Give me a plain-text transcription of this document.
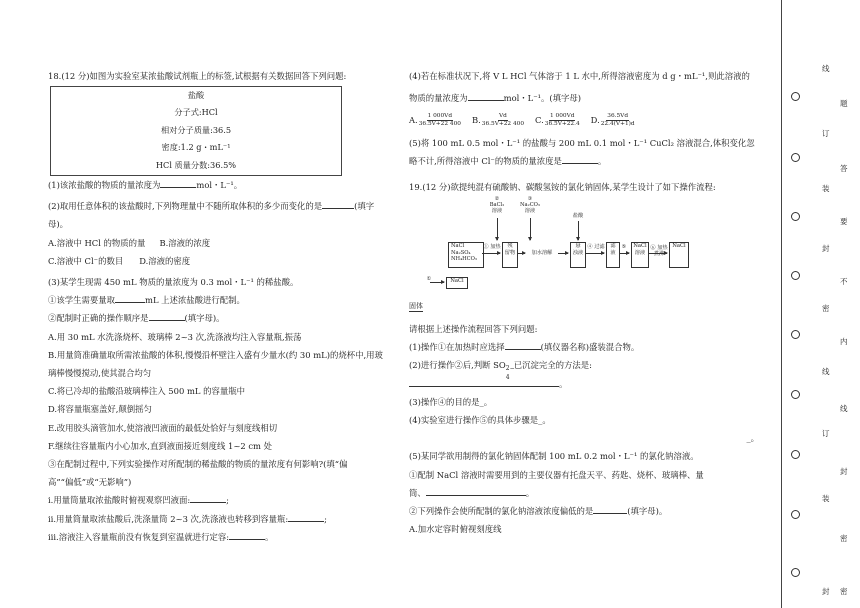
18.(12 分)如图为实验室某浓盐酸试剂瓶上的标签,试根据有关数据回答下列问题:
盐酸
分子式:HCl
相对分子质量:36.5
密度:1.2 g・mL⁻¹
HCl 质量分数:36.5%
(1)该浓盐酸的物质的量浓度为	mol・L⁻¹。
(2)取用任意体积的该盐酸时,下列物理量中不随所取体积的多少而变化的是	(填字
母)。
A.溶液中 HCl 的物质的量 B.溶液的浓度
C.溶液中 Cl⁻的数目 D.溶液的密度
(3)某学生现需 450 mL 物质的量浓度为 0.3 mol・L⁻¹ 的稀盐酸。
①该学生需要量取	mL 上述浓盐酸进行配制。
②配制时正确的操作顺序是	(填字母)。
A.用 30 mL 水洗涤烧杯、玻璃棒 2~3 次,洗涤液均注入容量瓶,振荡
B.用量筒准确量取所需浓盐酸的体积,慢慢沿杯壁注入盛有少量水(约 30 mL)的烧杯中,用玻
璃棒慢慢搅动,使其混合均匀
C.将已冷却的盐酸沿玻璃棒注入 500 mL 的容量瓶中
D.将容量瓶塞盖好,颠倒摇匀
E.改用胶头滴管加水,使溶液凹液面的最低处恰好与刻度线相切
F.继续往容量瓶内小心加水,直到液面接近刻度线 1~2 cm 处
③在配制过程中,下列实验操作对所配制的稀盐酸的物质的量浓度有何影响?(填“偏
高”“偏低”或“无影响”)
ⅰ.用量筒量取浓盐酸时俯视观察凹液面:	;
ⅱ.用量筒量取浓盐酸后,洗涤量筒 2~3 次,洗涤液也转移到容量瓶:	;
ⅲ.溶液注入容量瓶前没有恢复到室温就进行定容:	。
(4)若在标准状况下,将 V L HCl 气体溶于 1 L 水中,所得溶液密度为 d g・mL⁻¹,则此溶液的
物质的量浓度为	mol・L⁻¹。(填字母)
A. $\frac{1 000Vd}{36.5V+22 400} B$. $\frac{Vd}{36.5V+22 400} C$. $\frac{1 000Vd}{36.5V+22.4} D$. $\frac{36.5Vd}{22.4(V+1)d}$
(5)将 100 mL 0.5 mol・L⁻¹ 的盐酸与 200 mL 0.1 mol・L⁻¹ CuCl₂ 溶液混合,体积变化忽
略不计,所得溶液中 Cl⁻的物质的量浓度是	。
19.(12 分)欲提纯混有硫酸钠、碳酸氢铵的氯化钠固体,某学生设计了如下操作流程:
②
BaCl₂
溶液
③
Na₂CO₃
溶液
盐酸
NaCl
Na₂SO₄
NH₄HCO₃
① 加热	残
留物	加水溶解
悬
浊液
④ 过滤	滤
液
⑤	NaCl
溶液
⑥ 加热
煮沸
NaCl
①	NaCl
固体
请根据上述操作流程回答下列问题:
(1)操作①在加热时应选择	(填仪器名称)盛装混合物。
(2)进行操作②后,判断 SO 2−
4
已沉淀完全的方法是:
。
(3)操作④的目的是_。
(4)实验室进行操作⑤的具体步骤是_。
_。
(5)某同学欲用制得的氯化钠固体配制 100 mL 0.2 mol・L⁻¹ 的氯化钠溶液。
①配制 NaCl 溶液时需要用到的主要仪器有托盘天平、药匙、烧杯、玻璃棒、量
筒、	。
②下列操作会使所配制的氯化钠溶液浓度偏低的是	(填字母)。
A.加水定容时俯视刻度线
线
题
订
答
装
要
封
不
密
内
线
线
订
封
装
密
封 密
